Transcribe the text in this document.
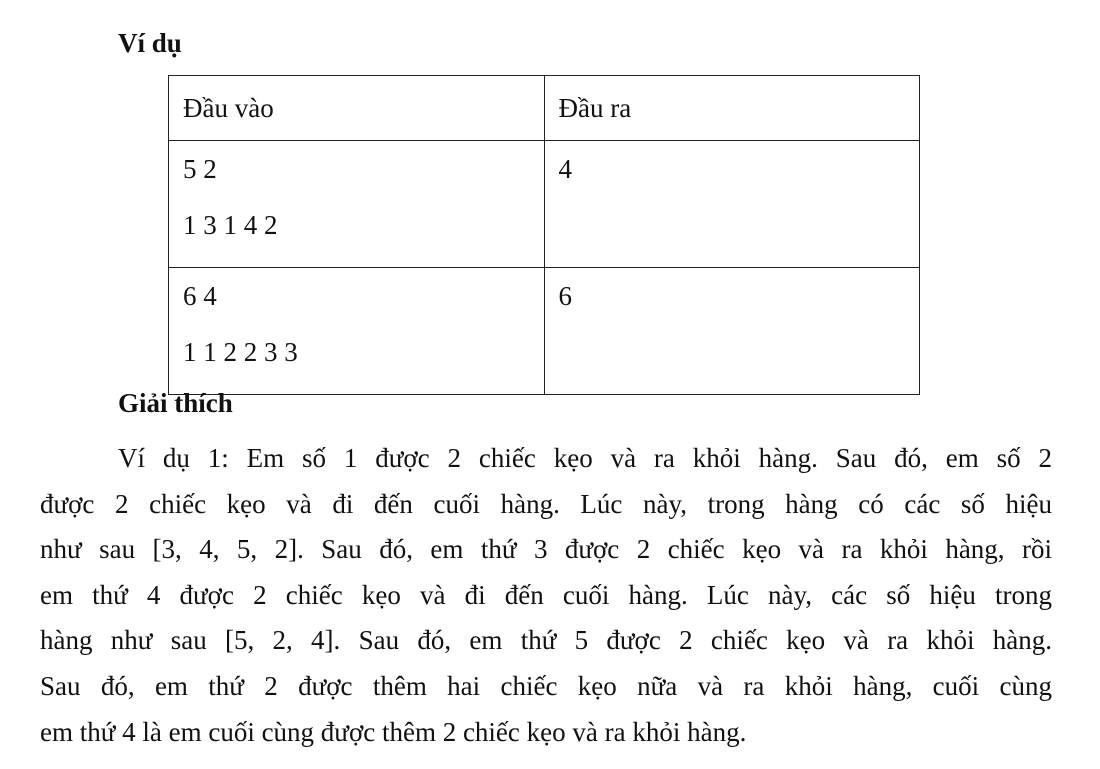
Ví dụ
Đầu vào	Đầu ra

5 2
1 3 1 4 2	4

6 4
1 1 2 2 3 3	6
Giải thích
Ví dụ 1: Em số 1 được 2 chiếc kẹo và ra khỏi hàng. Sau đó, em số 2
được 2 chiếc kẹo và đi đến cuối hàng. Lúc này, trong hàng có các số hiệu
như sau [3, 4, 5, 2]. Sau đó, em thứ 3 được 2 chiếc kẹo và ra khỏi hàng, rồi
em thứ 4 được 2 chiếc kẹo và đi đến cuối hàng. Lúc này, các số hiệu trong
hàng như sau [5, 2, 4]. Sau đó, em thứ 5 được 2 chiếc kẹo và ra khỏi hàng.
Sau đó, em thứ 2 được thêm hai chiếc kẹo nữa và ra khỏi hàng, cuối cùng
em thứ 4 là em cuối cùng được thêm 2 chiếc kẹo và ra khỏi hàng.
